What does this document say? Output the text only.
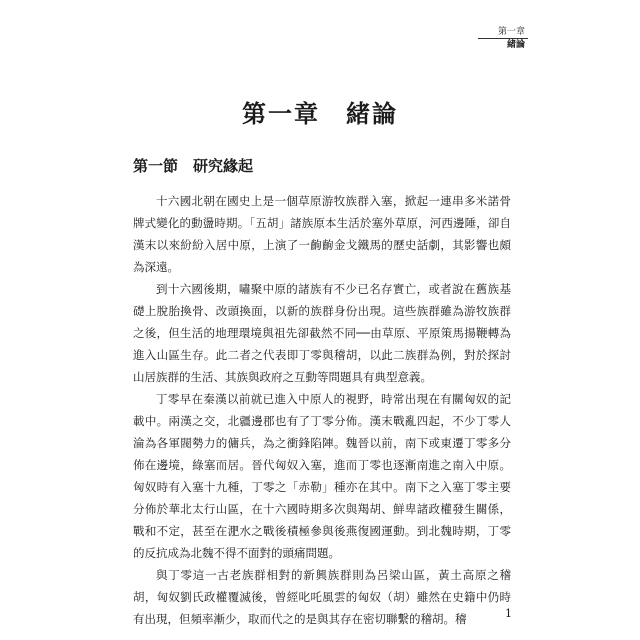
第一章
緒論
第一章　緒論
第一節　研究緣起

十六國北朝在國史上是一個草原游牧族群入塞，掀起一連串多米諾骨牌式變化的動盪時期。「五胡」諸族原本生活於塞外草原，河西邊陲，卻自漢末以來紛紛入居中原，上演了一齣齣金戈鐵馬的歷史話劇，其影響也頗為深遠。

到十六國後期，嘯聚中原的諸族有不少已名存實亡，或者說在舊族基礎上脫胎換骨、改頭換面，以新的族群身份出現。這些族群雖為游牧族群之後，但生活的地理環境與祖先卻截然不同──由草原、平原策馬揚鞭轉為進入山區生存。此二者之代表即丁零與稽胡，以此二族群為例，對於探討山居族群的生活、其族與政府之互動等問題具有典型意義。

丁零早在秦漢以前就已進入中原人的視野，時常出現在有關匈奴的記載中。兩漢之交，北疆邊郡也有了丁零分佈。漢末戰亂四起，不少丁零人淪為各軍閥勢力的傭兵，為之衝鋒陷陣。魏晉以前，南下或東遷丁零多分佈在邊境，綠塞而居。晉代匈奴入塞，進而丁零也逐漸南進之南入中原。匈奴時有入塞十九種，丁零之「赤勒」種亦在其中。南下之入塞丁零主要分佈於華北太行山區，在十六國時期多次與羯胡、鮮卑諸政權發生關係，戰和不定，甚至在淝水之戰後積極參與後燕復國運動。到北魏時期，丁零的反抗成為北魏不得不面對的頭痛問題。

與丁零這一古老族群相對的新興族群則為呂梁山區，黃土高原之稽胡，匈奴劉氏政權覆滅後，曾經叱吒風雲的匈奴（胡）雖然在史籍中仍時有出現，但頻率漸少，取而代之的是與其存在密切聯繫的稽胡。稽	1
